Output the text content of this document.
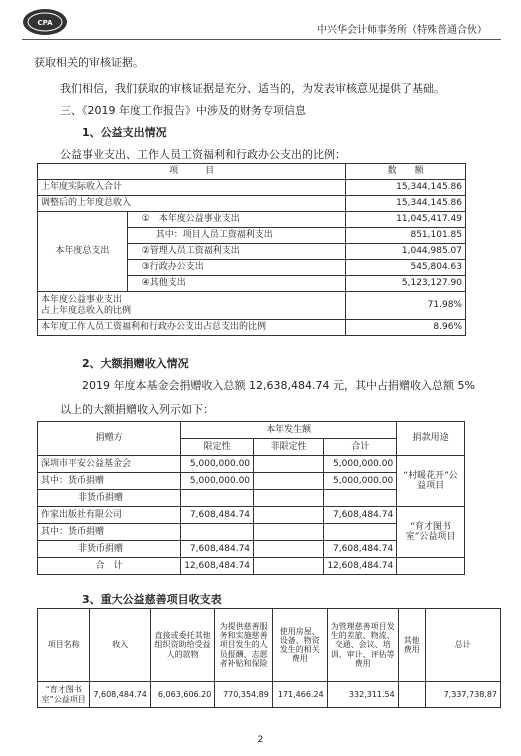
CPA
中兴华会计师事务所（特殊普通合伙）
获取相关的审核证据。
我们相信，我们获取的审核证据是充分、适当的，为发表审核意见提供了基础。
三、《2019 年度工作报告》中涉及的财务专项信息
1、公益支出情况
公益事业支出、工作人员工资福利和行政办公支出的比例：
项　　　目		数　　额
上年度实际收入合计		15,344,145.86
调整后的上年度总收入		15,344,145.86
本年度总支出	①　本年度公益事业支出	11,045,417.49
	其中：项目人员工资福利支出	851,101.85
	②管理人员工资福利支出	1,044,985.07
	③行政办公支出	545,804.63
	④其他支出	5,123,127.90

本年度公益事业支出
占上年度总收入的比例		71.98%
本年度工作人员工资福利和行政办公支出占总支出的比例		8.96%
2、大额捐赠收入情况
2019 年度本基金会捐赠收入总额 12,638,484.74 元，其中占捐赠收入总额 5%
以上的大额捐赠收入列示如下：
捐赠方	本年发生额			捐款用途
	限定性	非限定性	合计	
深圳市平安公益基金会	5,000,000.00		5,000,000.00	“村暖花开”公益项目
其中：货币捐赠	5,000,000.00		5,000,000.00	
非货币捐赠				
作家出版社有限公司	7,608,484.74		7,608,484.74	“育才图书室”公益项目
其中：货币捐赠				
非货币捐赠	7,608,484.74		7,608,484.74	
合　计	12,608,484.74		12,608,484.74	
3、重大公益慈善项目收支表
项目名称	收入	直接或委托其他组织资助给受益人的款物	为提供慈善服务和实施慈善项目发生的人员报酬、志愿者补贴和保险	使用房屋、设备、物资发生的相关费用	为管理慈善项目发生的差旅、物流、交通、会议、培训、审计、评估等费用	其他费用	总计
“育才图书室”公益项目	7,608,484.74	6,063,606.20	770,354.89	171,466.24	332,311.54		7,337,738.87
2
